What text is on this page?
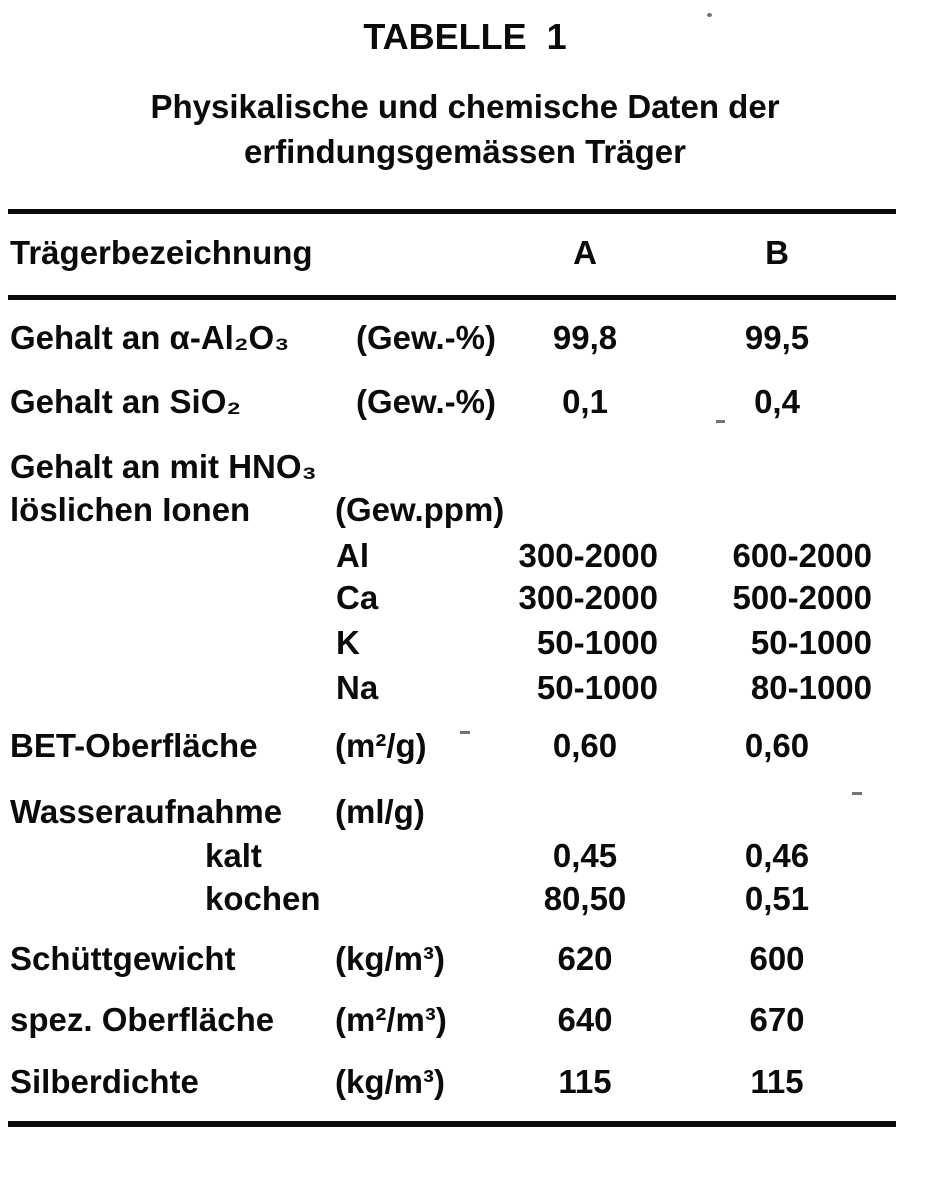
TABELLE  1
Physikalische und chemische Daten der
erfindungsgemässen Träger
Trägerbezeichnung	A	B
Gehalt an α-Al₂O₃ (Gew.-%)	99,8	99,5
Gehalt an SiO₂	(Gew.-%)	0,1	0,4
Gehalt an mit HNO₃
löslichen Ionen	(Gew.ppm)
Al	300-2000	600-2000
Ca	300-2000	500-2000
K	50-1000	50-1000
Na	50-1000	80-1000
BET-Oberfläche (m²/g)	0,60	0,60
Wasseraufnahme (ml/g)
kalt	0,45	0,46
kochen	80,50	0,51
Schüttgewicht	(kg/m³)	620	600
spez. Oberfläche (m²/m³)	640	670
Silberdichte	(kg/m³)	115	115
